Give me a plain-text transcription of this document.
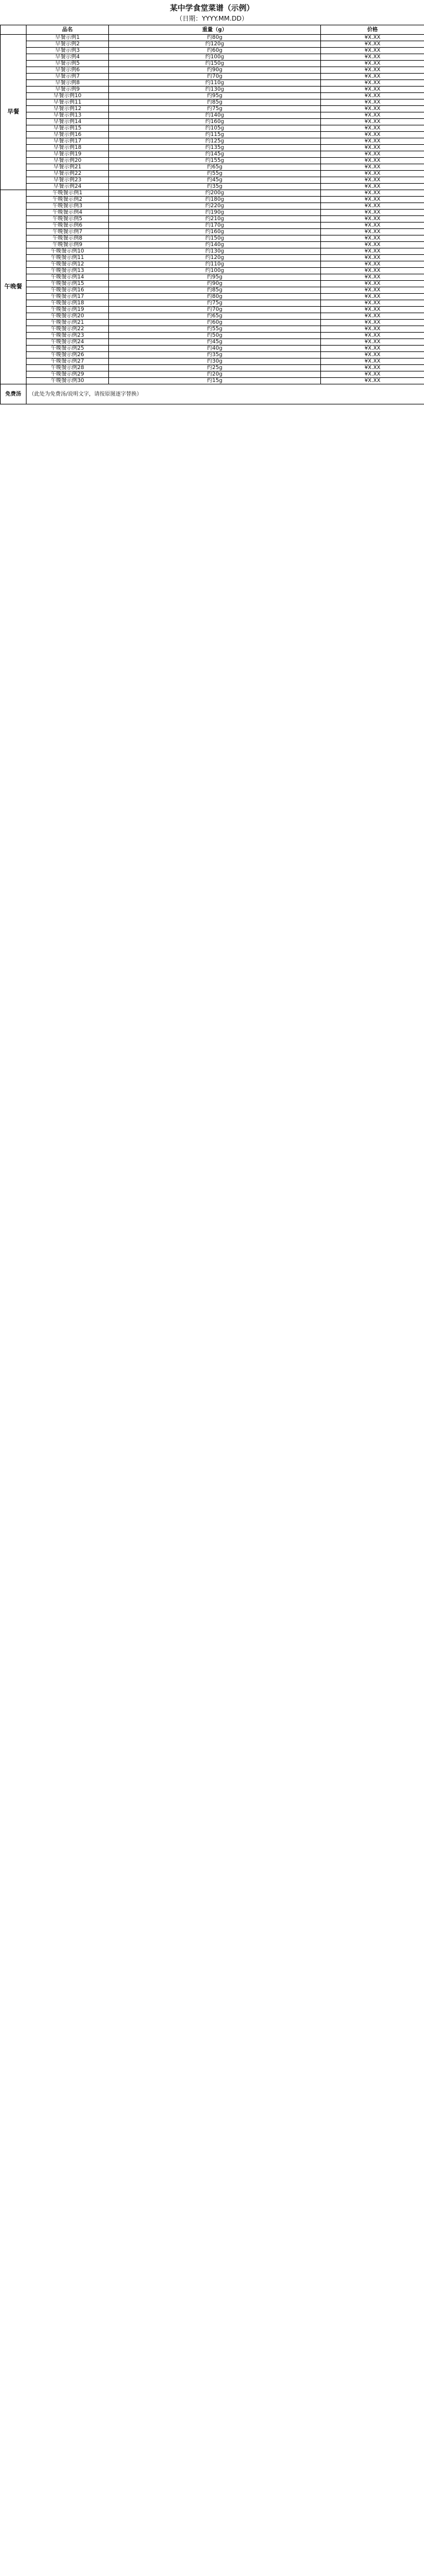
某中学食堂菜谱（示例）
（日期：YYYY.MM.DD）
	品名	重量（g）	价格
早餐	早餐示例1	约80g	¥X.XX
	早餐示例2	约120g	¥X.XX
	早餐示例3	约60g	¥X.XX
	早餐示例4	约100g	¥X.XX
	早餐示例5	约150g	¥X.XX
	早餐示例6	约90g	¥X.XX
	早餐示例7	约70g	¥X.XX
	早餐示例8	约110g	¥X.XX
	早餐示例9	约130g	¥X.XX
	早餐示例10	约95g	¥X.XX
	早餐示例11	约85g	¥X.XX
	早餐示例12	约75g	¥X.XX
	早餐示例13	约140g	¥X.XX
	早餐示例14	约160g	¥X.XX
	早餐示例15	约105g	¥X.XX
	早餐示例16	约115g	¥X.XX
	早餐示例17	约125g	¥X.XX
	早餐示例18	约135g	¥X.XX
	早餐示例19	约145g	¥X.XX
	早餐示例20	约155g	¥X.XX
	早餐示例21	约65g	¥X.XX
	早餐示例22	约55g	¥X.XX
	早餐示例23	约45g	¥X.XX
	早餐示例24	约35g	¥X.XX
午晚餐	午晚餐示例1	约200g	¥X.XX
	午晚餐示例2	约180g	¥X.XX
	午晚餐示例3	约220g	¥X.XX
	午晚餐示例4	约190g	¥X.XX
	午晚餐示例5	约210g	¥X.XX
	午晚餐示例6	约170g	¥X.XX
	午晚餐示例7	约160g	¥X.XX
	午晚餐示例8	约150g	¥X.XX
	午晚餐示例9	约140g	¥X.XX
	午晚餐示例10	约130g	¥X.XX
	午晚餐示例11	约120g	¥X.XX
	午晚餐示例12	约110g	¥X.XX
	午晚餐示例13	约100g	¥X.XX
	午晚餐示例14	约95g	¥X.XX
	午晚餐示例15	约90g	¥X.XX
	午晚餐示例16	约85g	¥X.XX
	午晚餐示例17	约80g	¥X.XX
	午晚餐示例18	约75g	¥X.XX
	午晚餐示例19	约70g	¥X.XX
	午晚餐示例20	约65g	¥X.XX
	午晚餐示例21	约60g	¥X.XX
	午晚餐示例22	约55g	¥X.XX
	午晚餐示例23	约50g	¥X.XX
	午晚餐示例24	约45g	¥X.XX
	午晚餐示例25	约40g	¥X.XX
	午晚餐示例26	约35g	¥X.XX
	午晚餐示例27	约30g	¥X.XX
	午晚餐示例28	约25g	¥X.XX
	午晚餐示例29	约20g	¥X.XX
	午晚餐示例30	约15g	¥X.XX
免费汤	（此处为免费汤/说明文字，请按原图逐字替换）		
